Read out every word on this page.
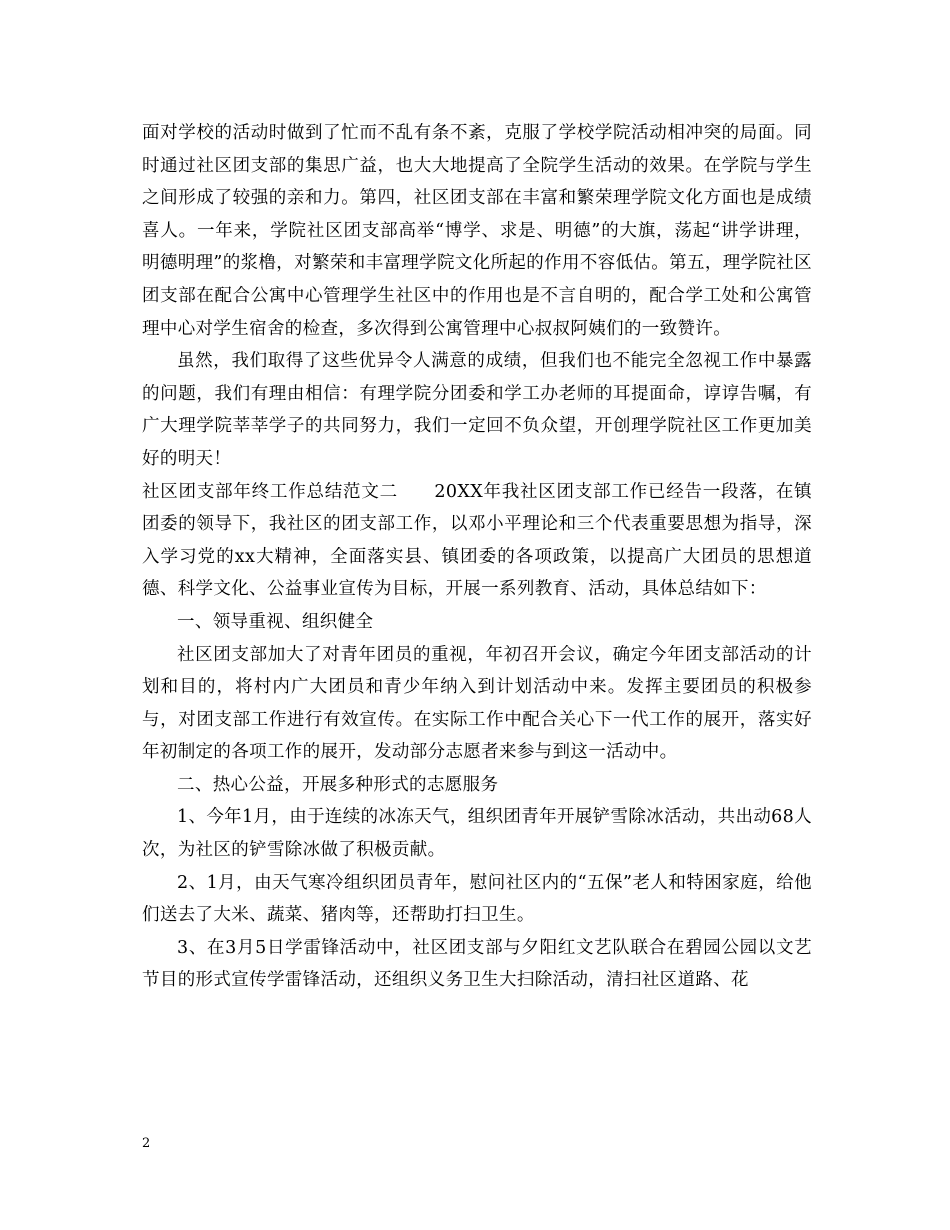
面对学校的活动时做到了忙而不乱有条不紊，克服了学校学院活动相冲突的局面。同时通过社区团支部的集思广益，也大大地提高了全院学生活动的效果。在学院与学生之间形成了较强的亲和力。第四，社区团支部在丰富和繁荣理学院文化方面也是成绩喜人。一年来，学院社区团支部高举“博学、求是、明德”的大旗，荡起“讲学讲理，明德明理”的浆橹，对繁荣和丰富理学院文化所起的作用不容低估。第五，理学院社区团支部在配合公寓中心管理学生社区中的作用也是不言自明的，配合学工处和公寓管理中心对学生宿舍的检查，多次得到公寓管理中心叔叔阿姨们的一致赞许。

虽然，我们取得了这些优异令人满意的成绩，但我们也不能完全忽视工作中暴露的问题，我们有理由相信：有理学院分团委和学工办老师的耳提面命，谆谆告嘱，有广大理学院莘莘学子的共同努力，我们一定回不负众望，开创理学院社区工作更加美好的明天！

社区团支部年终工作总结范文二　　20XX年我社区团支部工作已经告一段落，在镇团委的领导下，我社区的团支部工作，以邓小平理论和三个代表重要思想为指导，深入学习党的xx大精神，全面落实县、镇团委的各项政策，以提高广大团员的思想道德、科学文化、公益事业宣传为目标，开展一系列教育、活动，具体总结如下：

一、领导重视、组织健全

社区团支部加大了对青年团员的重视，年初召开会议，确定今年团支部活动的计划和目的，将村内广大团员和青少年纳入到计划活动中来。发挥主要团员的积极参与，对团支部工作进行有效宣传。在实际工作中配合关心下一代工作的展开，落实好年初制定的各项工作的展开，发动部分志愿者来参与到这一活动中。

二、热心公益，开展多种形式的志愿服务

1、今年1月，由于连续的冰冻天气，组织团青年开展铲雪除冰活动，共出动68人次，为社区的铲雪除冰做了积极贡献。

2、1月，由天气寒冷组织团员青年，慰问社区内的“五保”老人和特困家庭，给他们送去了大米、蔬菜、猪肉等，还帮助打扫卫生。

3、在3月5日学雷锋活动中，社区团支部与夕阳红文艺队联合在碧园公园以文艺节目的形式宣传学雷锋活动，还组织义务卫生大扫除活动，清扫社区道路、花

2
